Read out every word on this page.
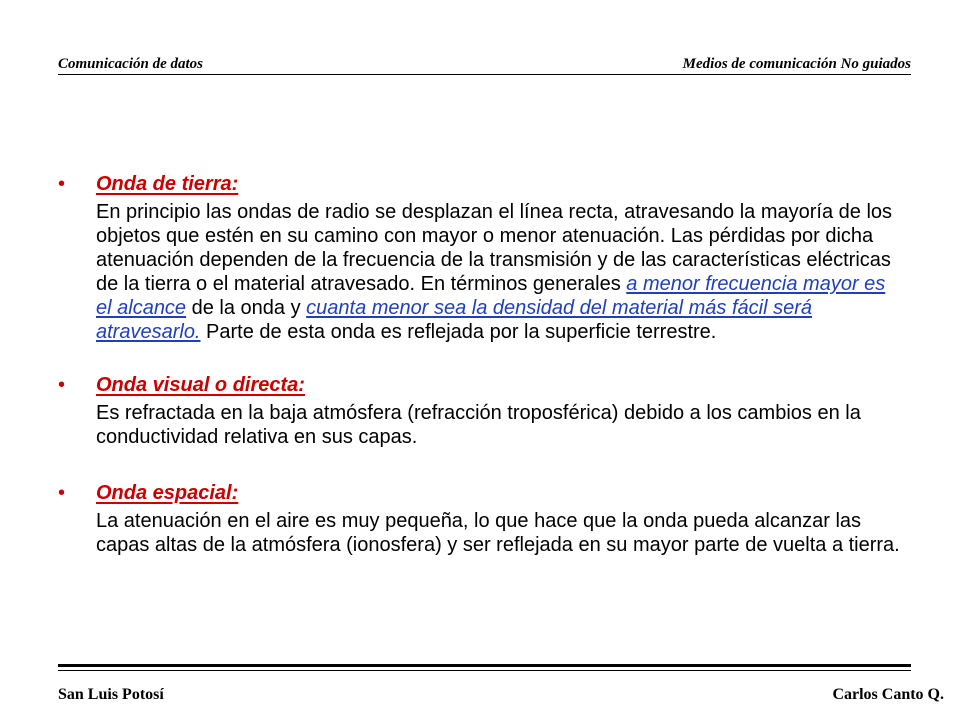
Comunicación de datos	Medios de comunicación No guiados
•	Onda de tierra:
En principio las ondas de radio se desplazan el línea recta, atravesando la mayoría de los objetos que estén en su camino con mayor o menor atenuación. Las pérdidas por dicha atenuación dependen de la frecuencia de la transmisión y de las características eléctricas de la tierra o el material atravesado. En términos generales a menor frecuencia mayor es el alcance de la onda y cuanta menor sea la densidad del material más fácil será atravesarlo. Parte de esta onda es reflejada por la superficie terrestre.
•	Onda visual o directa:
Es refractada en la baja atmósfera (refracción troposférica) debido a los cambios en la conductividad relativa en sus capas.
•	Onda espacial:
La atenuación en el aire es muy pequeña, lo que hace que la onda pueda alcanzar las capas altas de la atmósfera (ionosfera) y ser reflejada en su mayor parte de vuelta a tierra.
San Luis Potosí	Carlos Canto Q.
